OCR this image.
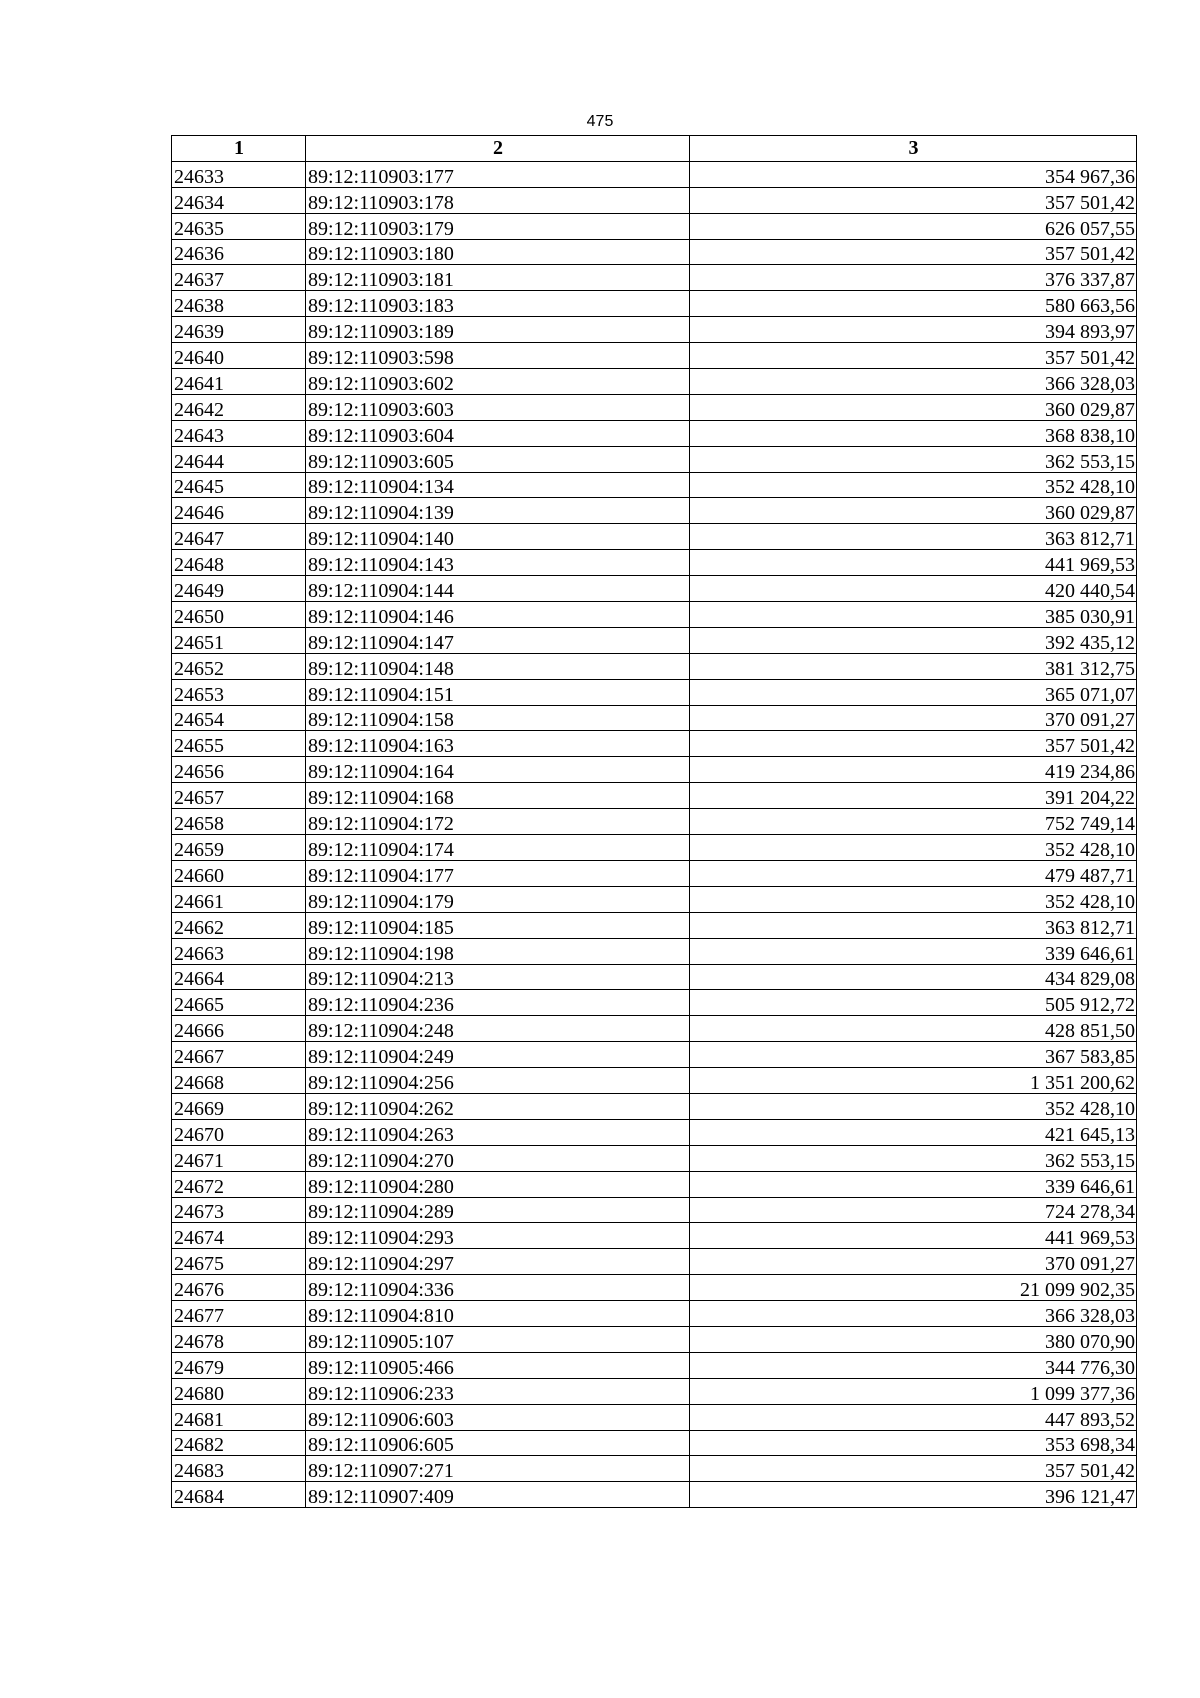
475
1	2	3
24633	89:12:110903:177	354 967,36
24634	89:12:110903:178	357 501,42
24635	89:12:110903:179	626 057,55
24636	89:12:110903:180	357 501,42
24637	89:12:110903:181	376 337,87
24638	89:12:110903:183	580 663,56
24639	89:12:110903:189	394 893,97
24640	89:12:110903:598	357 501,42
24641	89:12:110903:602	366 328,03
24642	89:12:110903:603	360 029,87
24643	89:12:110903:604	368 838,10
24644	89:12:110903:605	362 553,15
24645	89:12:110904:134	352 428,10
24646	89:12:110904:139	360 029,87
24647	89:12:110904:140	363 812,71
24648	89:12:110904:143	441 969,53
24649	89:12:110904:144	420 440,54
24650	89:12:110904:146	385 030,91
24651	89:12:110904:147	392 435,12
24652	89:12:110904:148	381 312,75
24653	89:12:110904:151	365 071,07
24654	89:12:110904:158	370 091,27
24655	89:12:110904:163	357 501,42
24656	89:12:110904:164	419 234,86
24657	89:12:110904:168	391 204,22
24658	89:12:110904:172	752 749,14
24659	89:12:110904:174	352 428,10
24660	89:12:110904:177	479 487,71
24661	89:12:110904:179	352 428,10
24662	89:12:110904:185	363 812,71
24663	89:12:110904:198	339 646,61
24664	89:12:110904:213	434 829,08
24665	89:12:110904:236	505 912,72
24666	89:12:110904:248	428 851,50
24667	89:12:110904:249	367 583,85
24668	89:12:110904:256	1 351 200,62
24669	89:12:110904:262	352 428,10
24670	89:12:110904:263	421 645,13
24671	89:12:110904:270	362 553,15
24672	89:12:110904:280	339 646,61
24673	89:12:110904:289	724 278,34
24674	89:12:110904:293	441 969,53
24675	89:12:110904:297	370 091,27
24676	89:12:110904:336	21 099 902,35
24677	89:12:110904:810	366 328,03
24678	89:12:110905:107	380 070,90
24679	89:12:110905:466	344 776,30
24680	89:12:110906:233	1 099 377,36
24681	89:12:110906:603	447 893,52
24682	89:12:110906:605	353 698,34
24683	89:12:110907:271	357 501,42
24684	89:12:110907:409	396 121,47
